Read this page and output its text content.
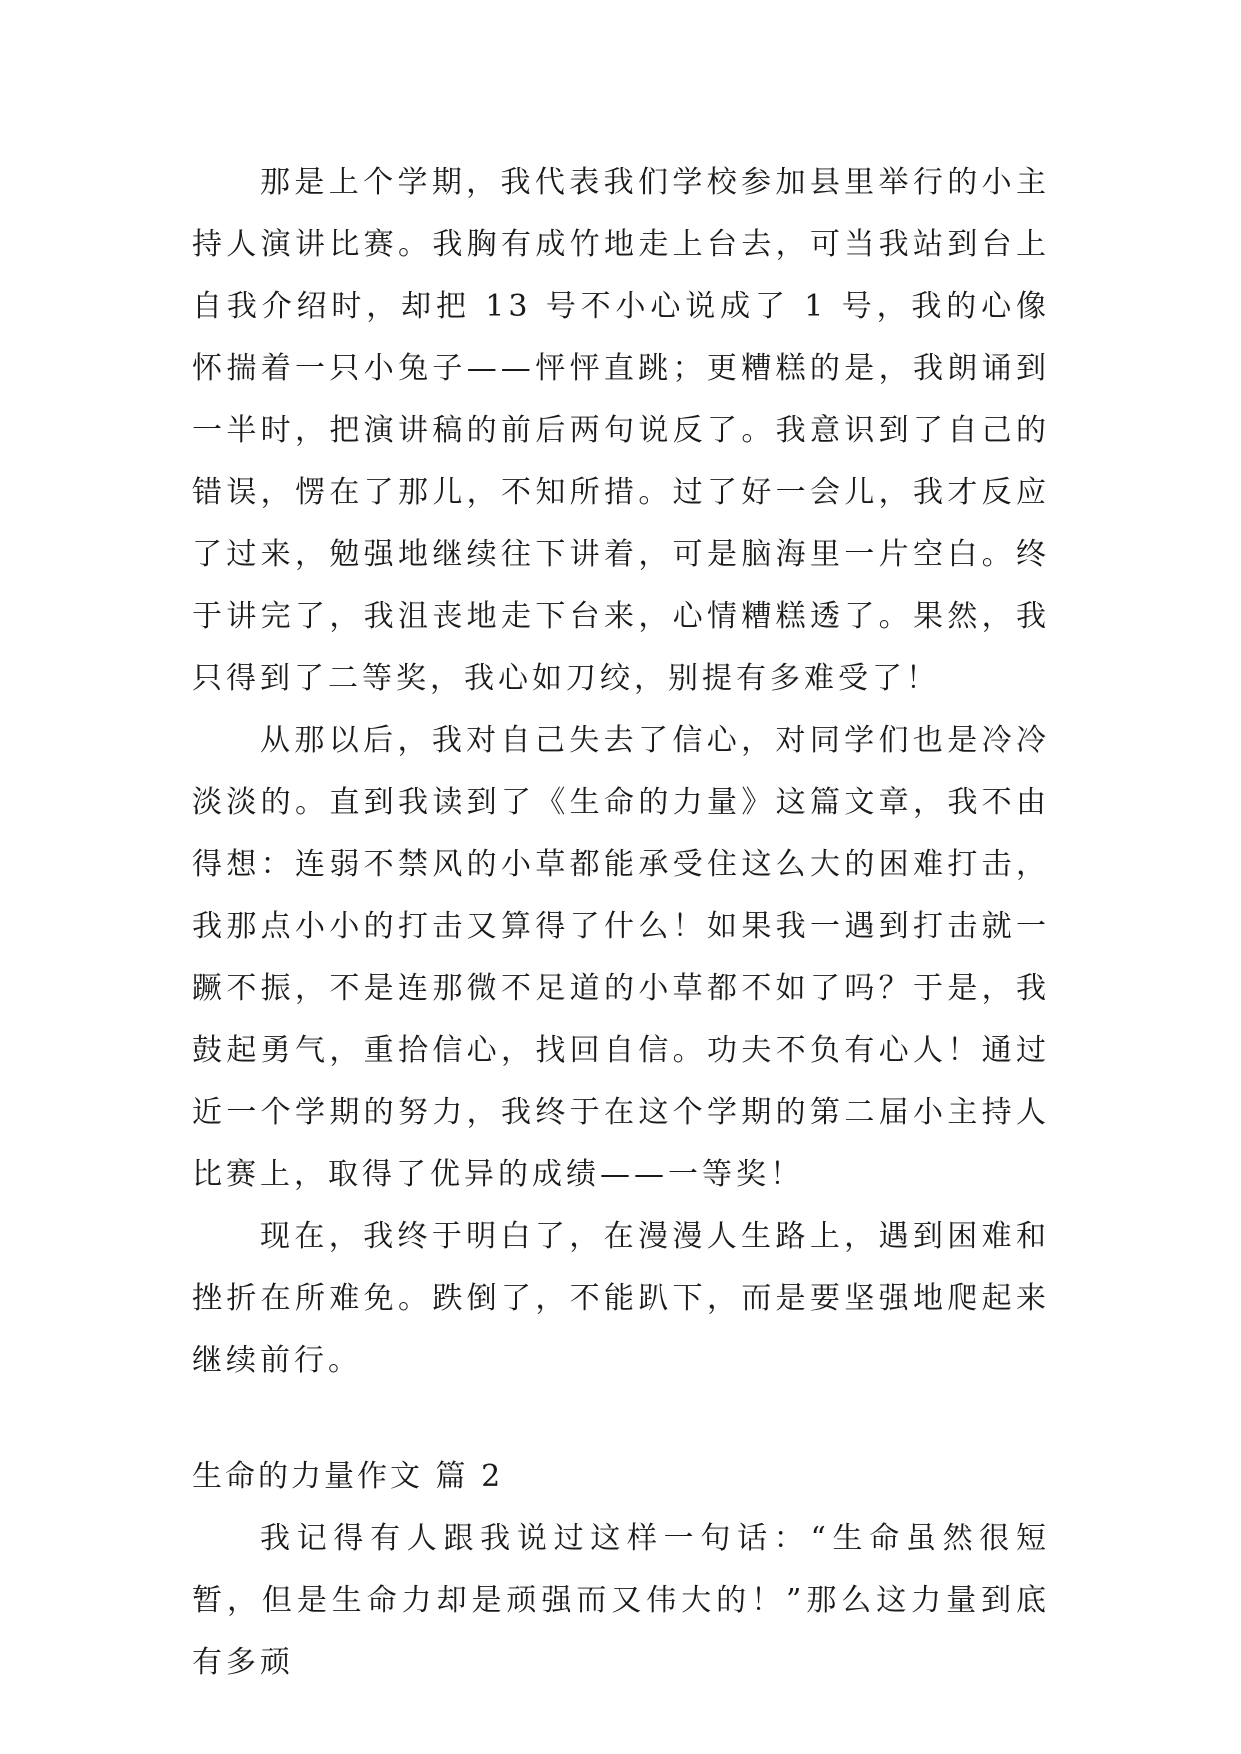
那是上个学期，我代表我们学校参加县里举行的小主持人演讲比赛。我胸有成竹地走上台去，可当我站到台上自我介绍时，却把 13 号不小心说成了 1 号，我的心像怀揣着一只小兔子——怦怦直跳；更糟糕的是，我朗诵到一半时，把演讲稿的前后两句说反了。我意识到了自己的错误，愣在了那儿，不知所措。过了好一会儿，我才反应了过来，勉强地继续往下讲着，可是脑海里一片空白。终于讲完了，我沮丧地走下台来，心情糟糕透了。果然，我只得到了二等奖，我心如刀绞，别提有多难受了！

从那以后，我对自己失去了信心，对同学们也是冷冷淡淡的。直到我读到了《生命的力量》这篇文章，我不由得想：连弱不禁风的小草都能承受住这么大的困难打击，我那点小小的打击又算得了什么！如果我一遇到打击就一蹶不振，不是连那微不足道的小草都不如了吗？于是，我鼓起勇气，重拾信心，找回自信。功夫不负有心人！通过近一个学期的努力，我终于在这个学期的第二届小主持人比赛上，取得了优异的成绩——一等奖！

现在，我终于明白了，在漫漫人生路上，遇到困难和挫折在所难免。跌倒了，不能趴下，而是要坚强地爬起来继续前行。

生命的力量作文 篇 2

我记得有人跟我说过这样一句话：“生命虽然很短暂，但是生命力却是顽强而又伟大的！”那么这力量到底有多顽
